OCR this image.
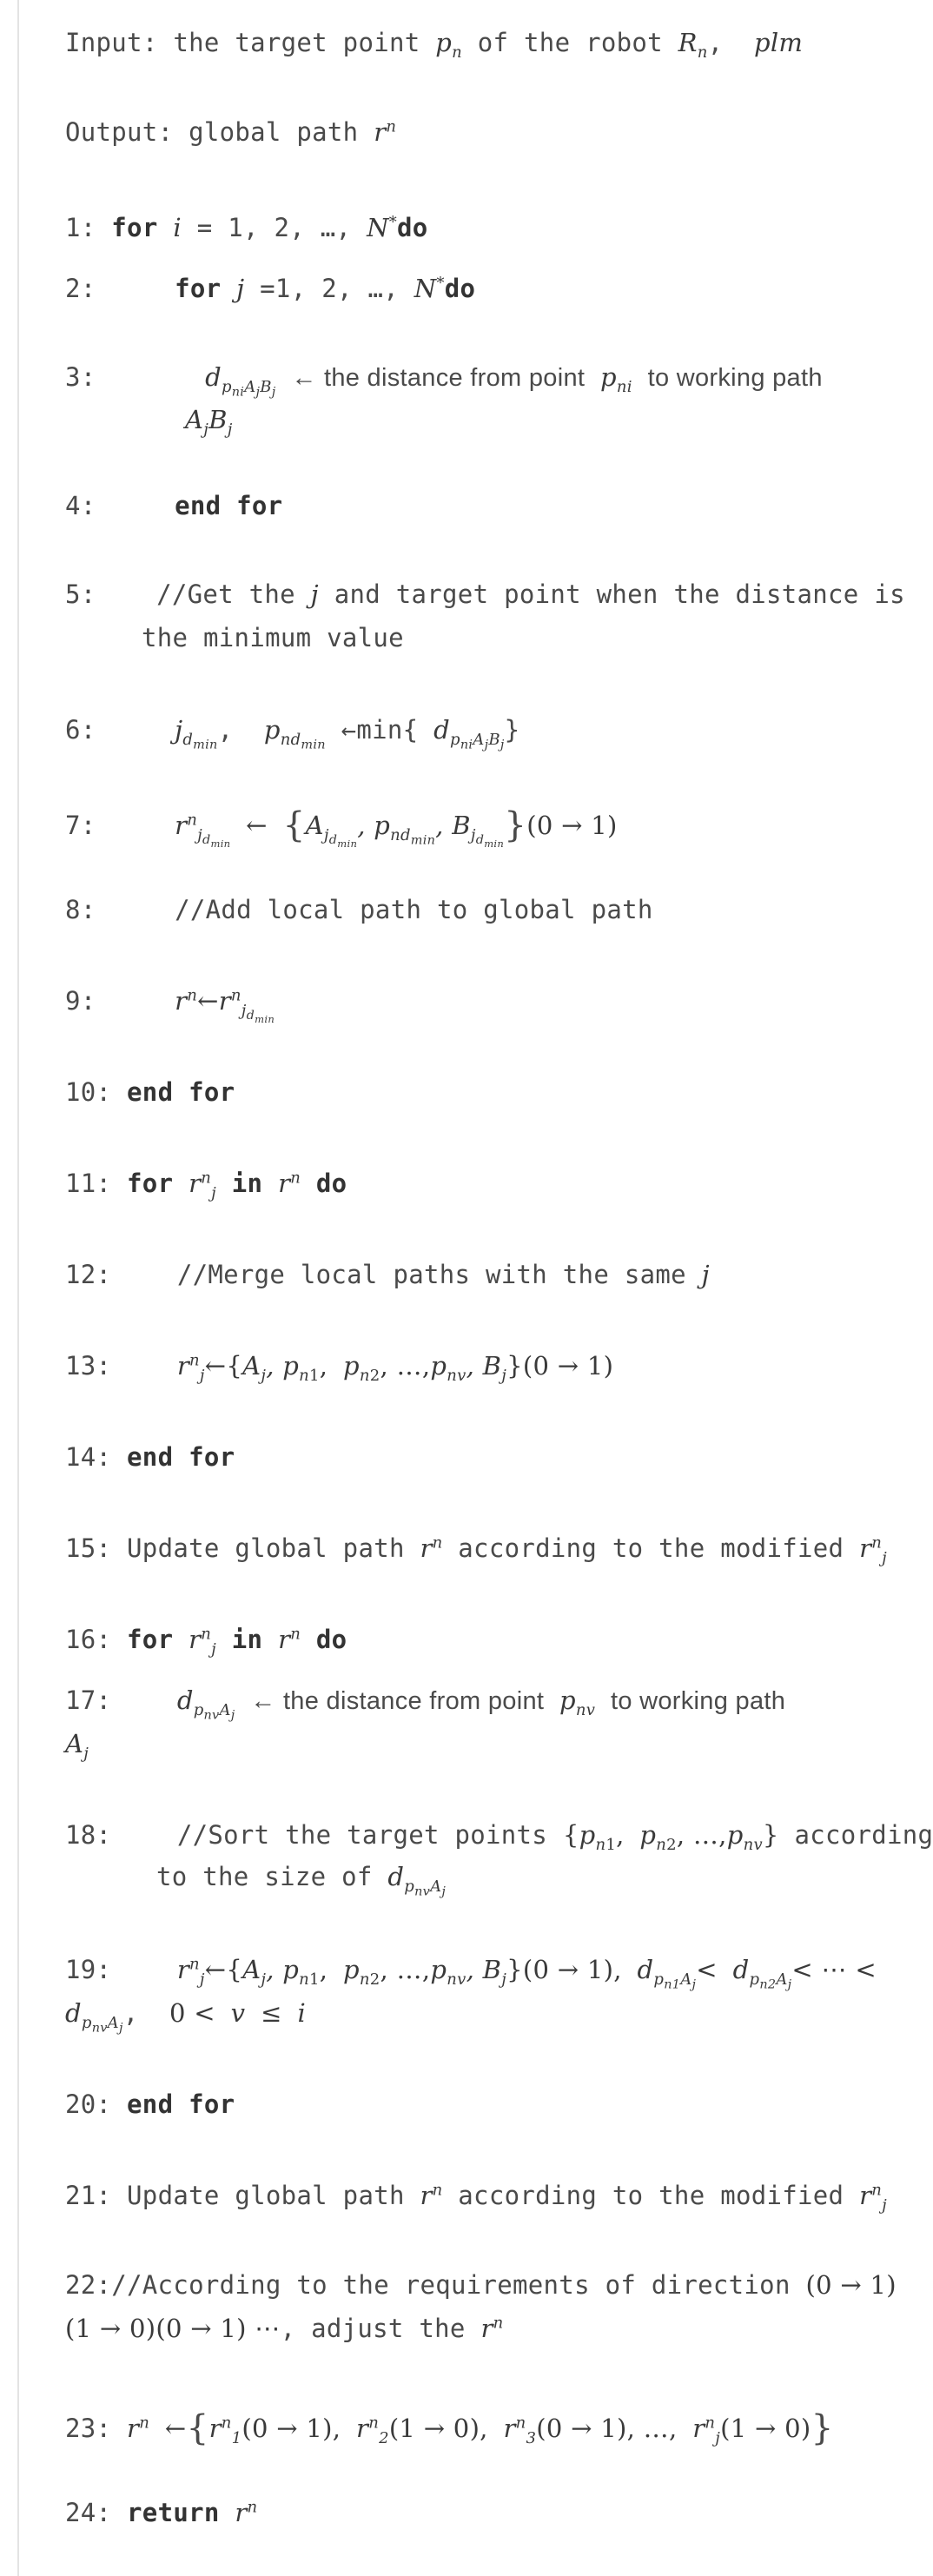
Input: the target point $p_n$ of the robot $R_n$,  plm
Output: global path $r^n$
1: for i = 1, 2, …, N*do
2:	for j =1, 2, …, N*do
3:	$d_{p_{ni}A_jB_j}$ ← the distance from point $p_{ni}$ to working path
$A_jB_j$
4:	end for
5: //Get the j and target point when the distance is
the minimum value
6:	$j_{d_{min}}$,  $p_{nd_{min}}$ ←min{ $d_{p_{ni}A_jB_j}$}
7:	$r^n_{j_{d_{min}}}$ ← {$A_{j_{d_{min}}}$, $p_{nd_{min}}$, $B_{j_{d_{min}}}\}(0 \to 1)$
8:	//Add local path to global path
9:	$r^n\leftarrow r^n_{j_{d_{min}}}$
10: end for
11: for $r^n_j$ in $r^n$ do
12:	//Merge local paths with the same j
13:	$r^n_j\leftarrow\{A_j$, $p_{n1}$, $p_{n2}$, $\dots,p_{nv}$, $B_j\}(0 \to 1)$
14: end for
15: Update global path $r^n$ according to the modified $r^n_j$
16: for $r^n_j$ in $r^n$ do
17:	$d_{p_{nv}A_j}$ ← the distance from point $p_{nv}$ to working path
$A_j$
18:	//Sort the target points {$p_{n1}$, $p_{n2}$, $\dots,p_{nv}$} according
to the size of $d_{p_{nv}A_j}$
19:	$r^n_j\leftarrow\{A_j$, $p_{n1}$, $p_{n2}$, $\dots,p_{nv}$, $B_j\}(0 \to 1)$, $d_{p_{n1}A_j}< d_{p_{n2}A_j}<$ ⋯ <
$d_{p_{nv}A_j}$,  0 < v ≤ i
20: end for
21: Update global path $r^n$ according to the modified $r^n_j$
22://According to the requirements of direction (0 → 1)
(1 → 0)(0 → 1) ⋯, adjust the $r^n$
23: $r^n$ $\leftarrow\{r^n_1(0 \to 1)$, $r^n_2(1 \to 0)$, $r^n_3(0 \to 1)$, …, $r^n_j(1 \to 0)$}
24: return $r^n$
